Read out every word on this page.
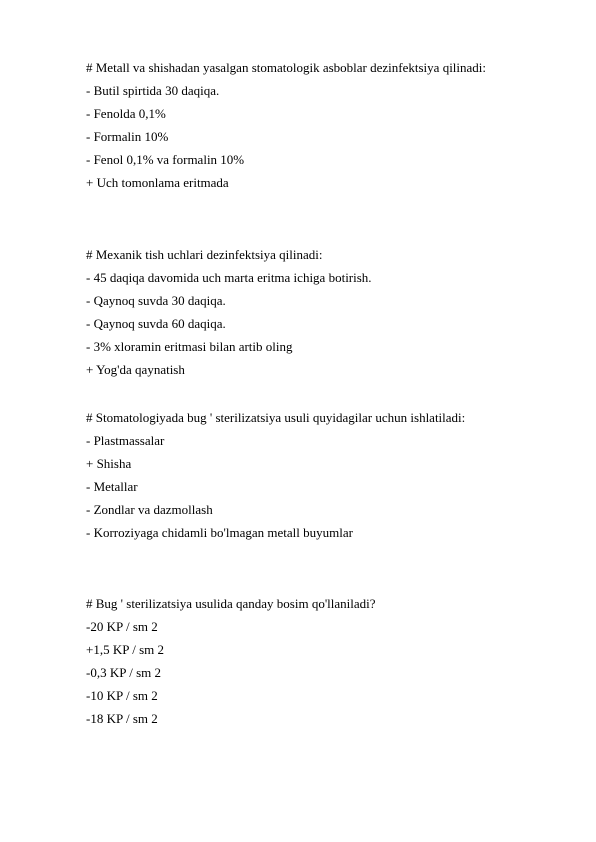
# Metall va shishadan yasalgan stomatologik asboblar dezinfektsiya qilinadi:
- Butil spirtida 30 daqiqa.
- Fenolda 0,1%
- Formalin 10%
- Fenol 0,1% va formalin 10%
+ Uch tomonlama eritmada
# Mexanik tish uchlari dezinfektsiya qilinadi:
- 45 daqiqa davomida uch marta eritma ichiga botirish.
- Qaynoq suvda 30 daqiqa.
- Qaynoq suvda 60 daqiqa.
- 3% xloramin eritmasi bilan artib oling
+ Yog'da qaynatish
# Stomatologiyada bug ' sterilizatsiya usuli quyidagilar uchun ishlatiladi:
- Plastmassalar
+ Shisha
- Metallar
- Zondlar va dazmollash
- Korroziyaga chidamli bo'lmagan metall buyumlar
# Bug ' sterilizatsiya usulida qanday bosim qo'llaniladi?
-20 KP / sm 2
+1,5 KP / sm 2
-0,3 KP / sm 2
-10 KP / sm 2
-18 KP / sm 2
